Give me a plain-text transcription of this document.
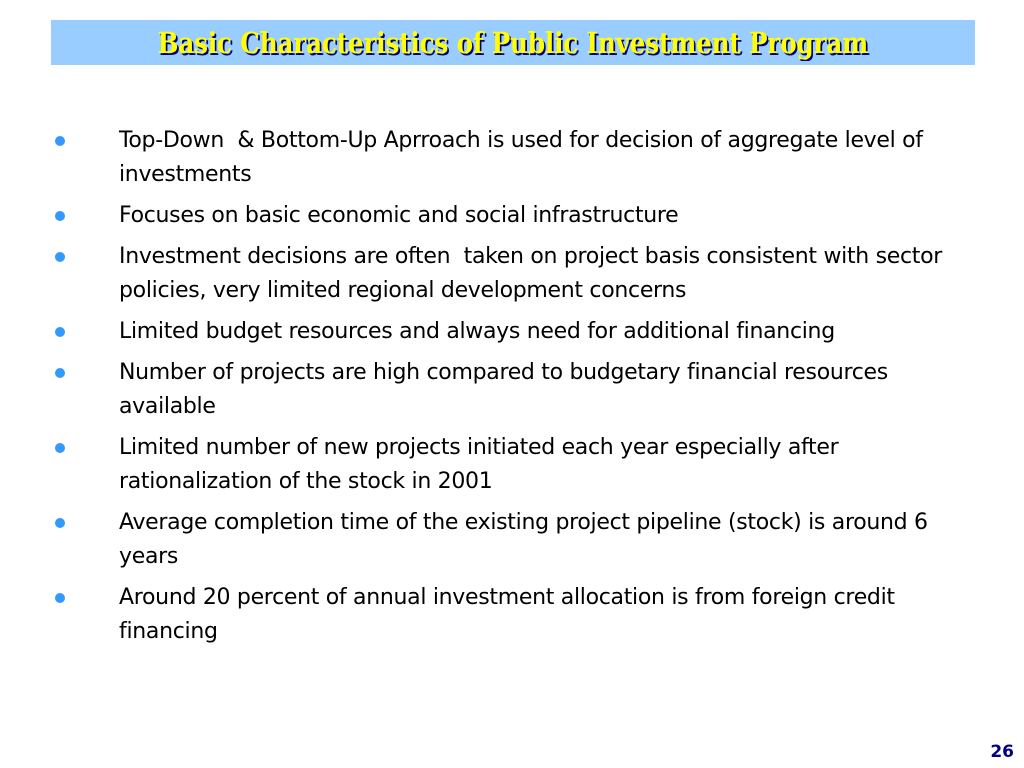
Basic Characteristics of Public Investment Program
Top-Down  & Bottom-Up Aprroach is used for decision of aggregate level of investments
Focuses on basic economic and social infrastructure
Investment decisions are often  taken on project basis consistent with sector policies, very limited regional development concerns
Limited budget resources and always need for additional financing
Number of projects are high compared to budgetary financial resources available
Limited number of new projects initiated each year especially after rationalization of the stock in 2001
Average completion time of the existing project pipeline (stock) is around 6 years
Around 20 percent of annual investment allocation is from foreign credit financing
26
